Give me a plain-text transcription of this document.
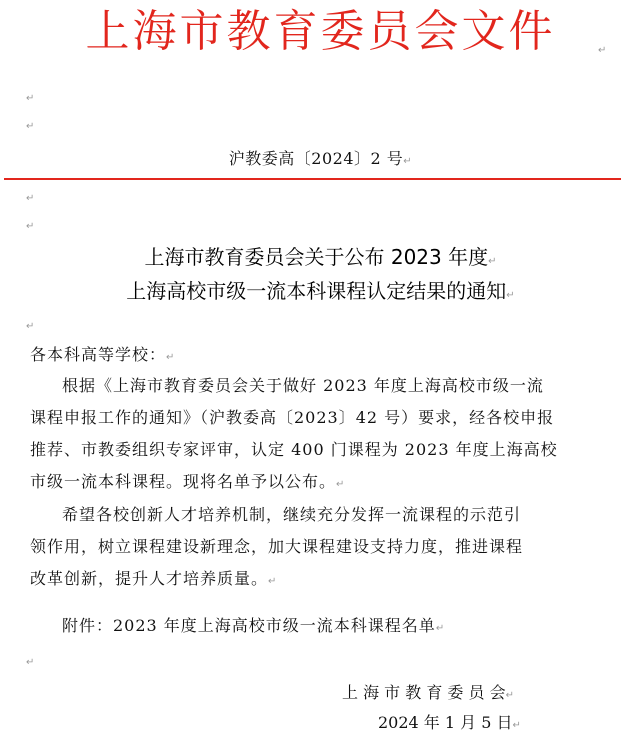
上海市教育委员会文件	↵
↵
↵
沪教委高〔2024〕2 号↵
↵
↵
上海市教育委员会关于公布 2023 年度↵
上海高校市级一流本科课程认定结果的通知↵
↵
各本科高等学校：↵
根据《上海市教育委员会关于做好 2023 年度上海高校市级一流
课程申报工作的通知》（沪教委高〔2023〕42 号）要求，经各校申报
推荐、市教委组织专家评审，认定 400 门课程为 2023 年度上海高校
市级一流本科课程。现将名单予以公布。↵
希望各校创新人才培养机制，继续充分发挥一流课程的示范引
领作用，树立课程建设新理念，加大课程建设支持力度，推进课程
改革创新，提升人才培养质量。↵
附件：2023 年度上海高校市级一流本科课程名单↵
↵
上 海 市 教 育 委 员 会↵
2024 年 1 月 5 日↵
